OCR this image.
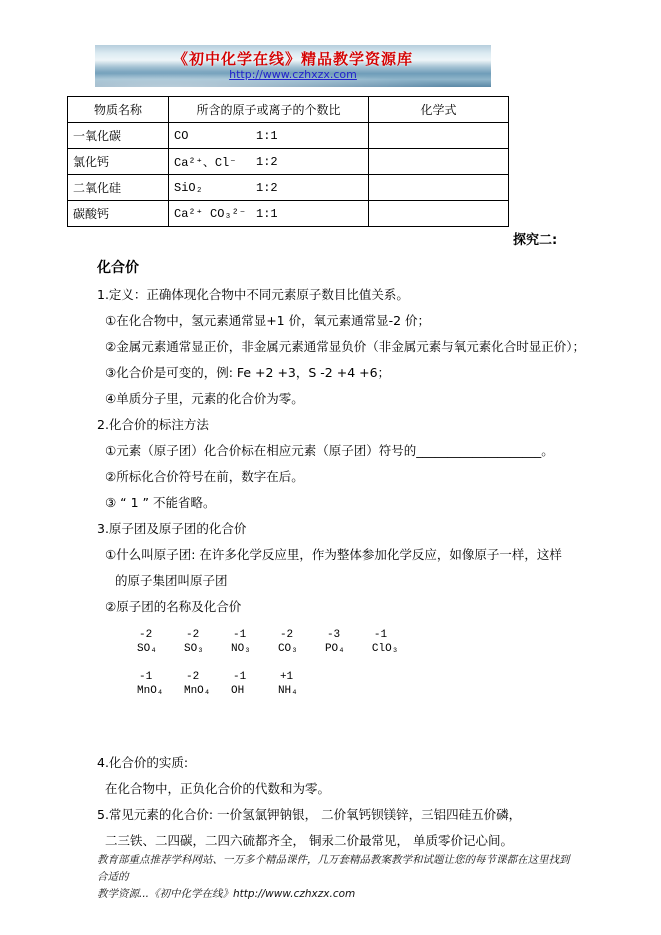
《初中化学在线》精品教学资源库
http://www.czhxzx.com
物质名称	所含的原子或离子的个数比	化学式
一氧化碳	CO 1:1	

氯化钙	Ca²⁺、Cl⁻ 1:2	

二氧化硅	SiO₂ 1:2	

碳酸钙	Ca²⁺ CO₃²⁻ 1:1	

探究二:
化合价
1.定义：正确体现化合物中不同元素原子数目比值关系。
①在化合物中，氢元素通常显+1 价，氧元素通常显-2 价；
②金属元素通常显正价，非金属元素通常显负价（非金属元素与氧元素化合时显正价）；
③化合价是可变的，例: Fe +2 +3，S -2 +4 +6；
④单质分子里，元素的化合价为零。
2.化合价的标注方法
①元素（原子团）化合价标在相应元素（原子团）符号的____________________。
②所标化合价符号在前，数字在后。
③ “ 1 ” 不能省略。
3.原子团及原子团的化合价
①什么叫原子团: 在许多化学反应里，作为整体参加化学反应，如像原子一样，这样
的原子集团叫原子团
②原子团的名称及化合价
-2
SO₄

-2
SO₃

-1
NO₃

-2
CO₃

-3
PO₄

-1
ClO₃
-1
MnO₄

-2
MnO₄

-1
OH

+1
NH₄
4.化合价的实质:
在化合物中，正负化合价的代数和为零。
5.常见元素的化合价: 一价氢氯钾钠银， 二价氧钙钡镁锌，三铝四硅五价磷，
二三铁、二四碳，二四六硫都齐全， 铜汞二价最常见， 单质零价记心间。
教育部重点推荐学科网站、一万多个精品课件，几万套精品教案教学和试题让您的每节课都在这里找到合适的
教学资源...《初中化学在线》http://www.czhxzx.com
